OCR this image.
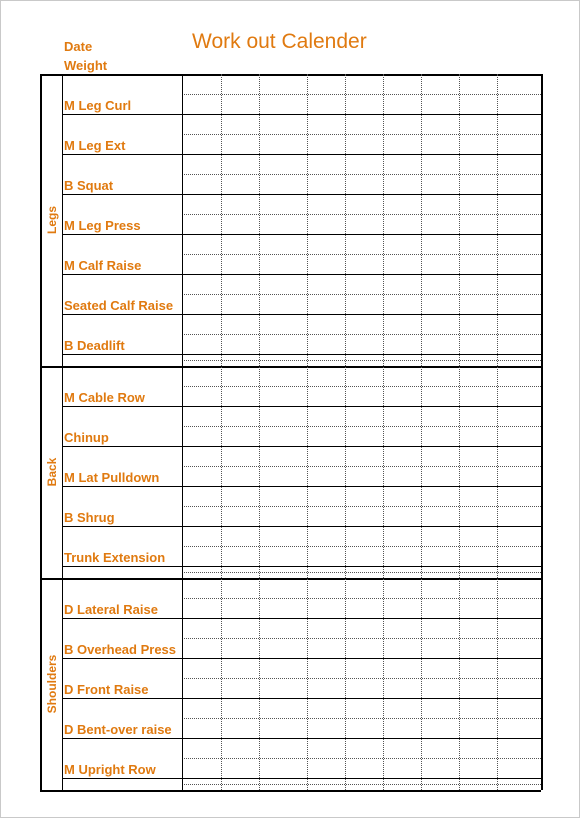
Work out Calender
Date
Weight
M Leg Curl
M Leg Ext
B Squat
M Leg Press
M Calf Raise
Seated Calf Raise
B Deadlift
Legs
M Cable Row
Chinup
M Lat Pulldown
B Shrug
Trunk Extension
Back
D Lateral Raise
B Overhead Press
D Front Raise
D Bent-over raise
M Upright Row
Shoulders
